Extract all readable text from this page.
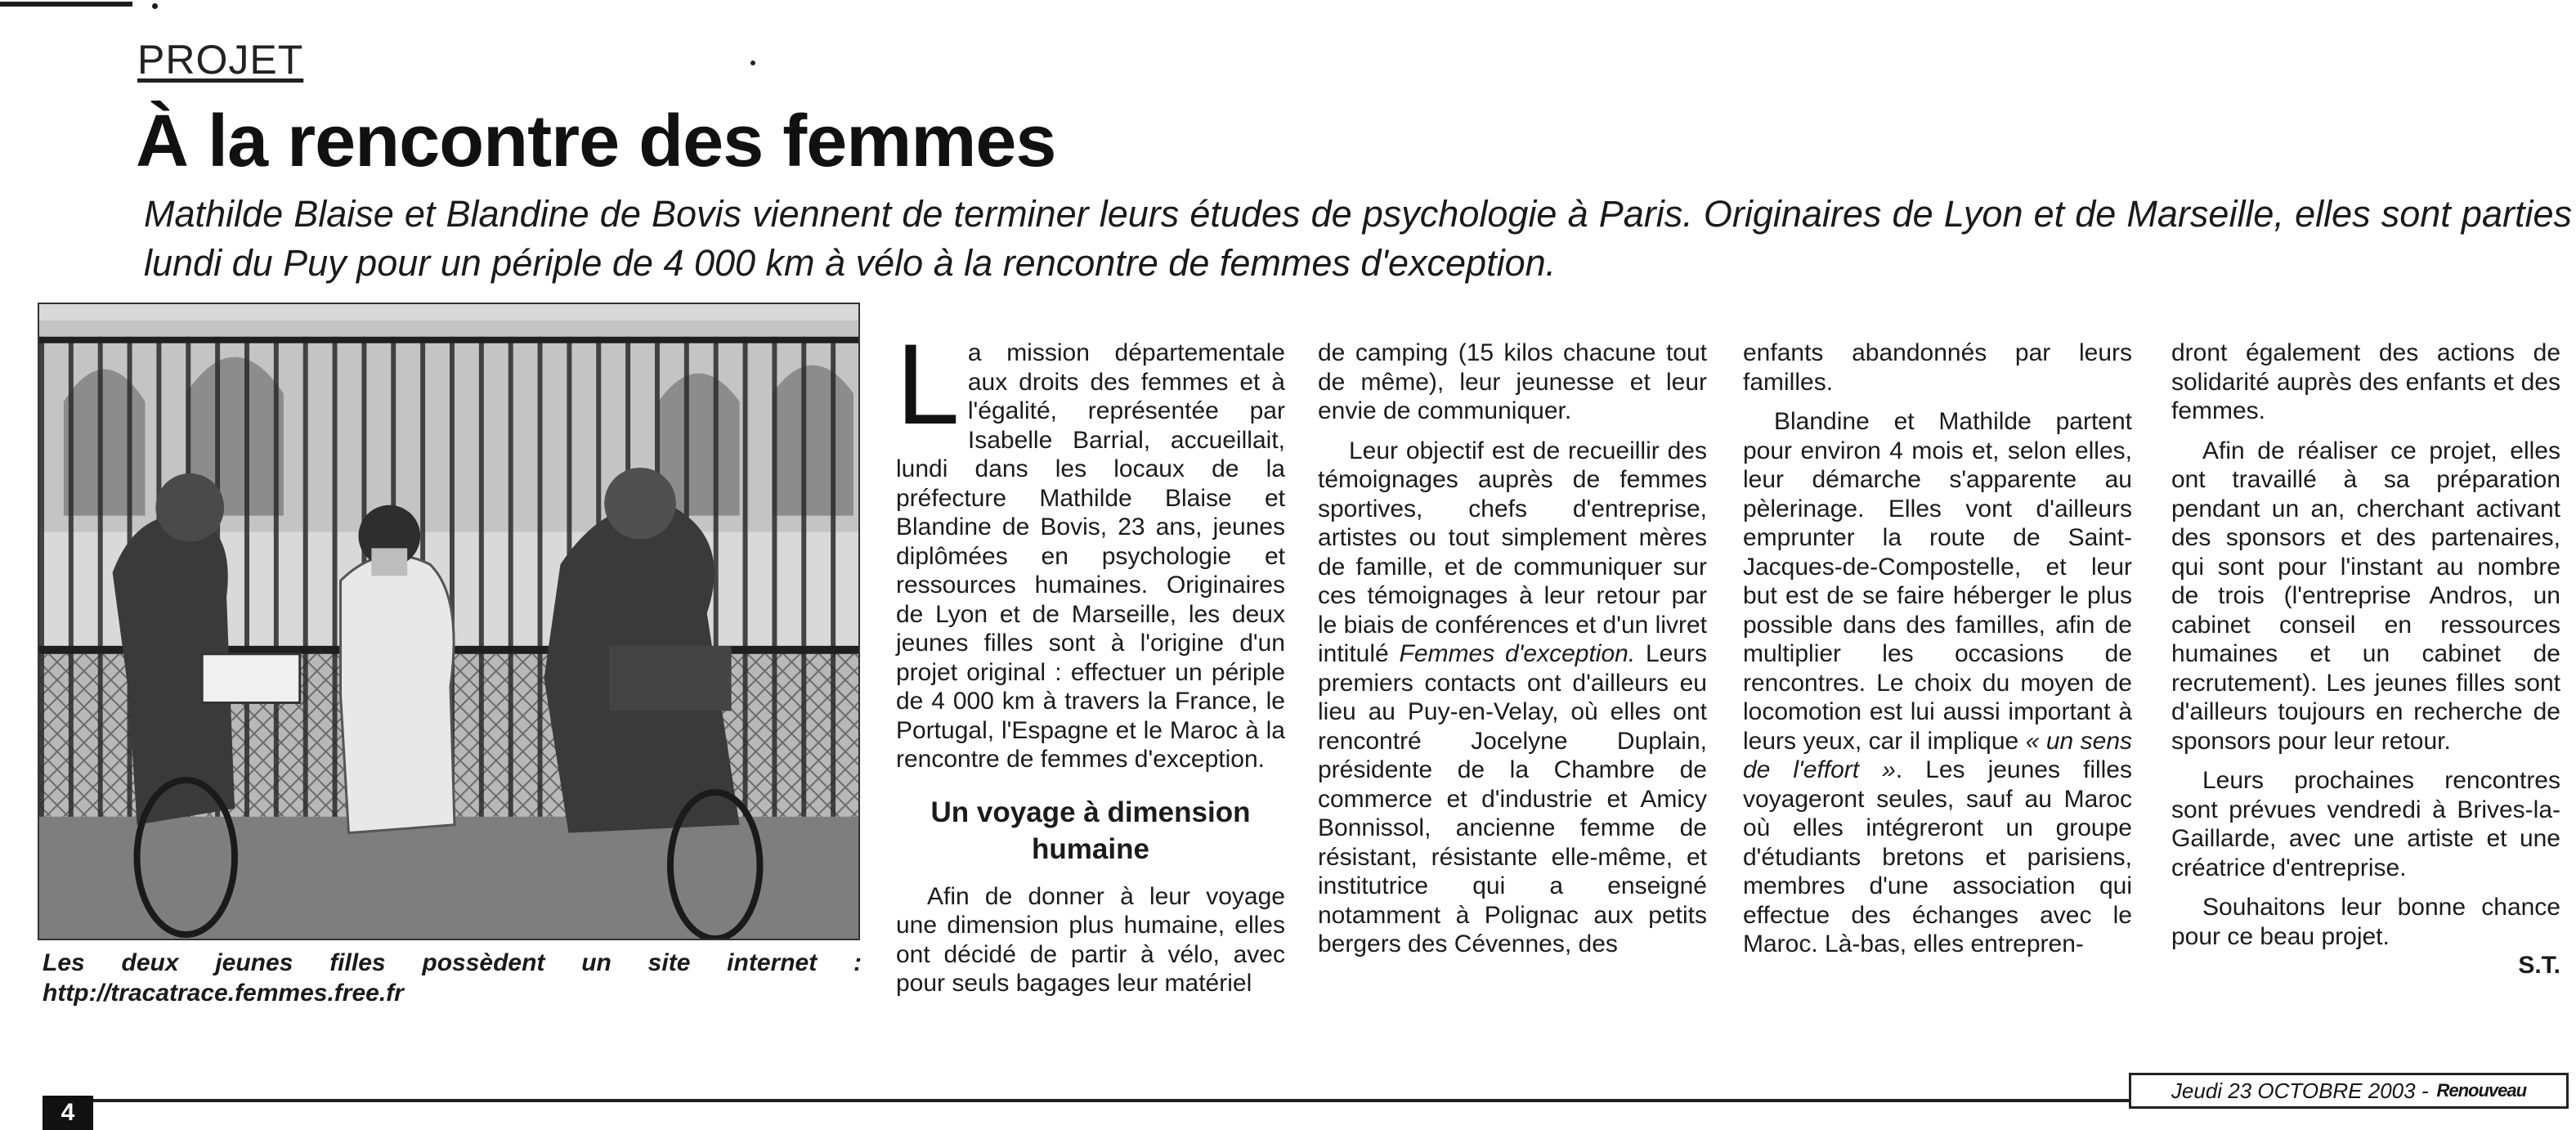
PROJET
À la rencontre des femmes

Mathilde Blaise et Blandine de Bovis viennent de terminer leurs études de psychologie à Paris. Originaires de Lyon et de Marseille, elles sont parties lundi du Puy pour un périple de 4 000 km à vélo à la rencontre de femmes d'exception.

Les deux jeunes filles possèdent un site internet :

http://tracatrace.femmes.free.fr

La mission départementale aux droits des femmes et à l'égalité, représentée par Isabelle Barrial, accueillait, lundi dans les locaux de la préfecture Mathilde Blaise et Blandine de Bovis, 23 ans, jeunes diplômées en psychologie et ressources humaines. Originaires de Lyon et de Marseille, les deux jeunes filles sont à l'origine d'un projet original : effectuer un périple de 4 000 km à travers la France, le Portugal, l'Espagne et le Maroc à la rencontre de femmes d'exception.

Un voyage à dimension humaine

Afin de donner à leur voyage une dimension plus humaine, elles ont décidé de partir à vélo, avec pour seuls bagages leur matériel

de camping (15 kilos chacune tout de même), leur jeunesse et leur envie de communiquer.

Leur objectif est de recueillir des témoignages auprès de femmes sportives, chefs d'entreprise, artistes ou tout simplement mères de famille, et de communiquer sur ces témoignages à leur retour par le biais de conférences et d'un livret intitulé Femmes d'exception. Leurs premiers contacts ont d'ailleurs eu lieu au Puy-en-Velay, où elles ont rencontré Jocelyne Duplain, présidente de la Chambre de commerce et d'industrie et Amicy Bonnissol, ancienne femme de résistant, résistante elle-même, et institutrice qui a enseigné notamment à Polignac aux petits bergers des Cévennes, des

enfants abandonnés par leurs familles.

Blandine et Mathilde partent pour environ 4 mois et, selon elles, leur démarche s'apparente au pèlerinage. Elles vont d'ailleurs emprunter la route de Saint-Jacques-de-Compostelle, et leur but est de se faire héberger le plus possible dans des familles, afin de multiplier les occasions de rencontres. Le choix du moyen de locomotion est lui aussi important à leurs yeux, car il implique « un sens de l'effort ». Les jeunes filles voyageront seules, sauf au Maroc où elles intégreront un groupe d'étudiants bretons et parisiens, membres d'une association qui effectue des échanges avec le Maroc. Là-bas, elles entrepren-

dront également des actions de solidarité auprès des enfants et des femmes.

Afin de réaliser ce projet, elles ont travaillé à sa préparation pendant un an, cherchant activant des sponsors et des partenaires, qui sont pour l'instant au nombre de trois (l'entreprise Andros, un cabinet conseil en ressources humaines et un cabinet de recrutement). Les jeunes filles sont d'ailleurs toujours en recherche de sponsors pour leur retour.

Leurs prochaines rencontres sont prévues vendredi à Brives-la-Gaillarde, avec une artiste et une créatrice d'entreprise.

Souhaitons leur bonne chance pour ce beau projet.

S.T.

4
Jeudi 23 OCTOBRE 2003 - Renouveau
